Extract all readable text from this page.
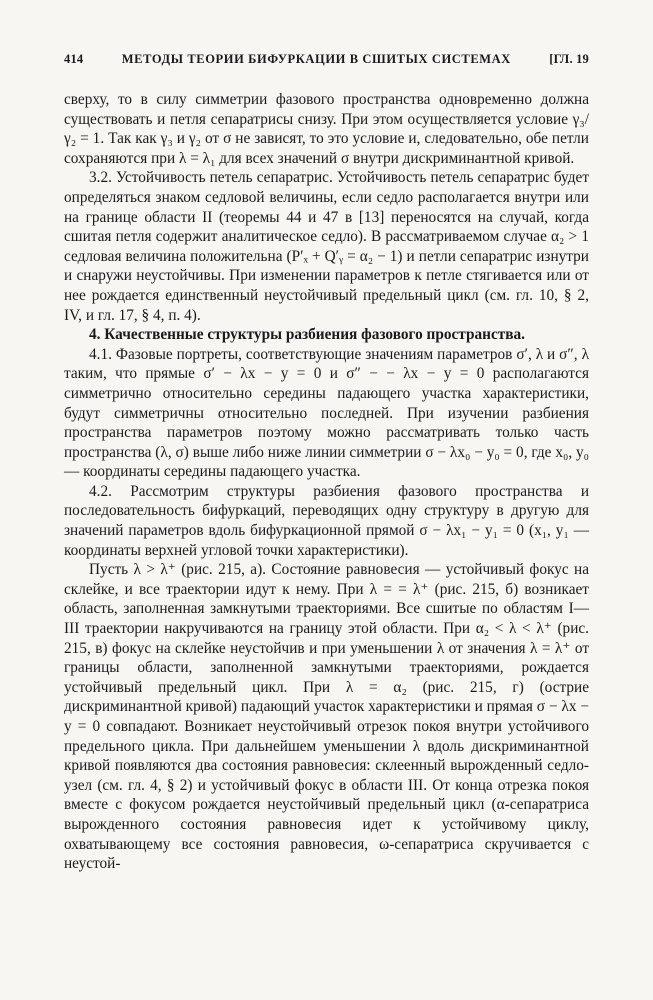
414	МЕТОДЫ ТЕОРИИ БИФУРКАЦИИ В СШИТЫХ СИСТЕМАХ	[ГЛ. 19

сверху, то в силу симметрии фазового пространства одновременно должна существовать и петля сепаратрисы снизу. При этом осуществляется условие γ₃/γ₂ = 1. Так как γ₃ и γ₂ от σ не зависят, то это условие и, следовательно, обе петли сохраняются при λ = λ₁ для всех значений σ внутри дискриминантной кривой.

3.2. Устойчивость петель сепаратрис. Устойчивость петель сепаратрис будет определяться знаком седловой величины, если седло располагается внутри или на границе области II (теоремы 44 и 47 в [13] переносятся на случай, когда сшитая петля содержит аналитическое седло). В рассматриваемом случае α₂ > 1 седловая величина положительна (P′ₓ + Q′ᵧ = α₂ − 1) и петли сепаратрис изнутри и снаружи неустойчивы. При изменении параметров к петле стягивается или от нее рождается единственный неустойчивый предельный цикл (см. гл. 10, § 2, IV, и гл. 17, § 4, п. 4).

4. Качественные структуры разбиения фазового пространства.

4.1. Фазовые портреты, соответствующие значениям параметров σ′, λ и σ″, λ таким, что прямые σ′ − λx − y = 0 и σ″ − − λx − y = 0 располагаются симметрично относительно середины падающего участка характеристики, будут симметричны относительно последней. При изучении разбиения пространства параметров поэтому можно рассматривать только часть пространства (λ, σ) выше либо ниже линии симметрии σ − λx₀ − y₀ = 0, где x₀, y₀ — координаты середины падающего участка.

4.2. Рассмотрим структуры разбиения фазового пространства и последовательность бифуркаций, переводящих одну структуру в другую для значений параметров вдоль бифуркационной прямой σ − λx₁ − y₁ = 0 (x₁, y₁ — координаты верхней угловой точки характеристики).

Пусть λ > λ⁺ (рис. 215, а). Состояние равновесия — устойчивый фокус на склейке, и все траектории идут к нему. При λ = = λ⁺ (рис. 215, б) возникает область, заполненная замкнутыми траекториями. Все сшитые по областям I—III траектории накручиваются на границу этой области. При α₂ < λ < λ⁺ (рис. 215, в) фокус на склейке неустойчив и при уменьшении λ от значения λ = λ⁺ от границы области, заполненной замкнутыми траекториями, рождается устойчивый предельный цикл. При λ = α₂ (рис. 215, г) (острие дискриминантной кривой) падающий участок характеристики и прямая σ − λx − y = 0 совпадают. Возникает неустойчивый отрезок покоя внутри устойчивого предельного цикла. При дальнейшем уменьшении λ вдоль дискриминантной кривой появляются два состояния равновесия: склеенный вырожденный седло-узел (см. гл. 4, § 2) и устойчивый фокус в области III. От конца отрезка покоя вместе с фокусом рождается неустойчивый предельный цикл (α-сепаратриса вырожденного состояния равновесия идет к устойчивому циклу, охватывающему все состояния равновесия, ω-сепаратриса скручивается с неустой-
